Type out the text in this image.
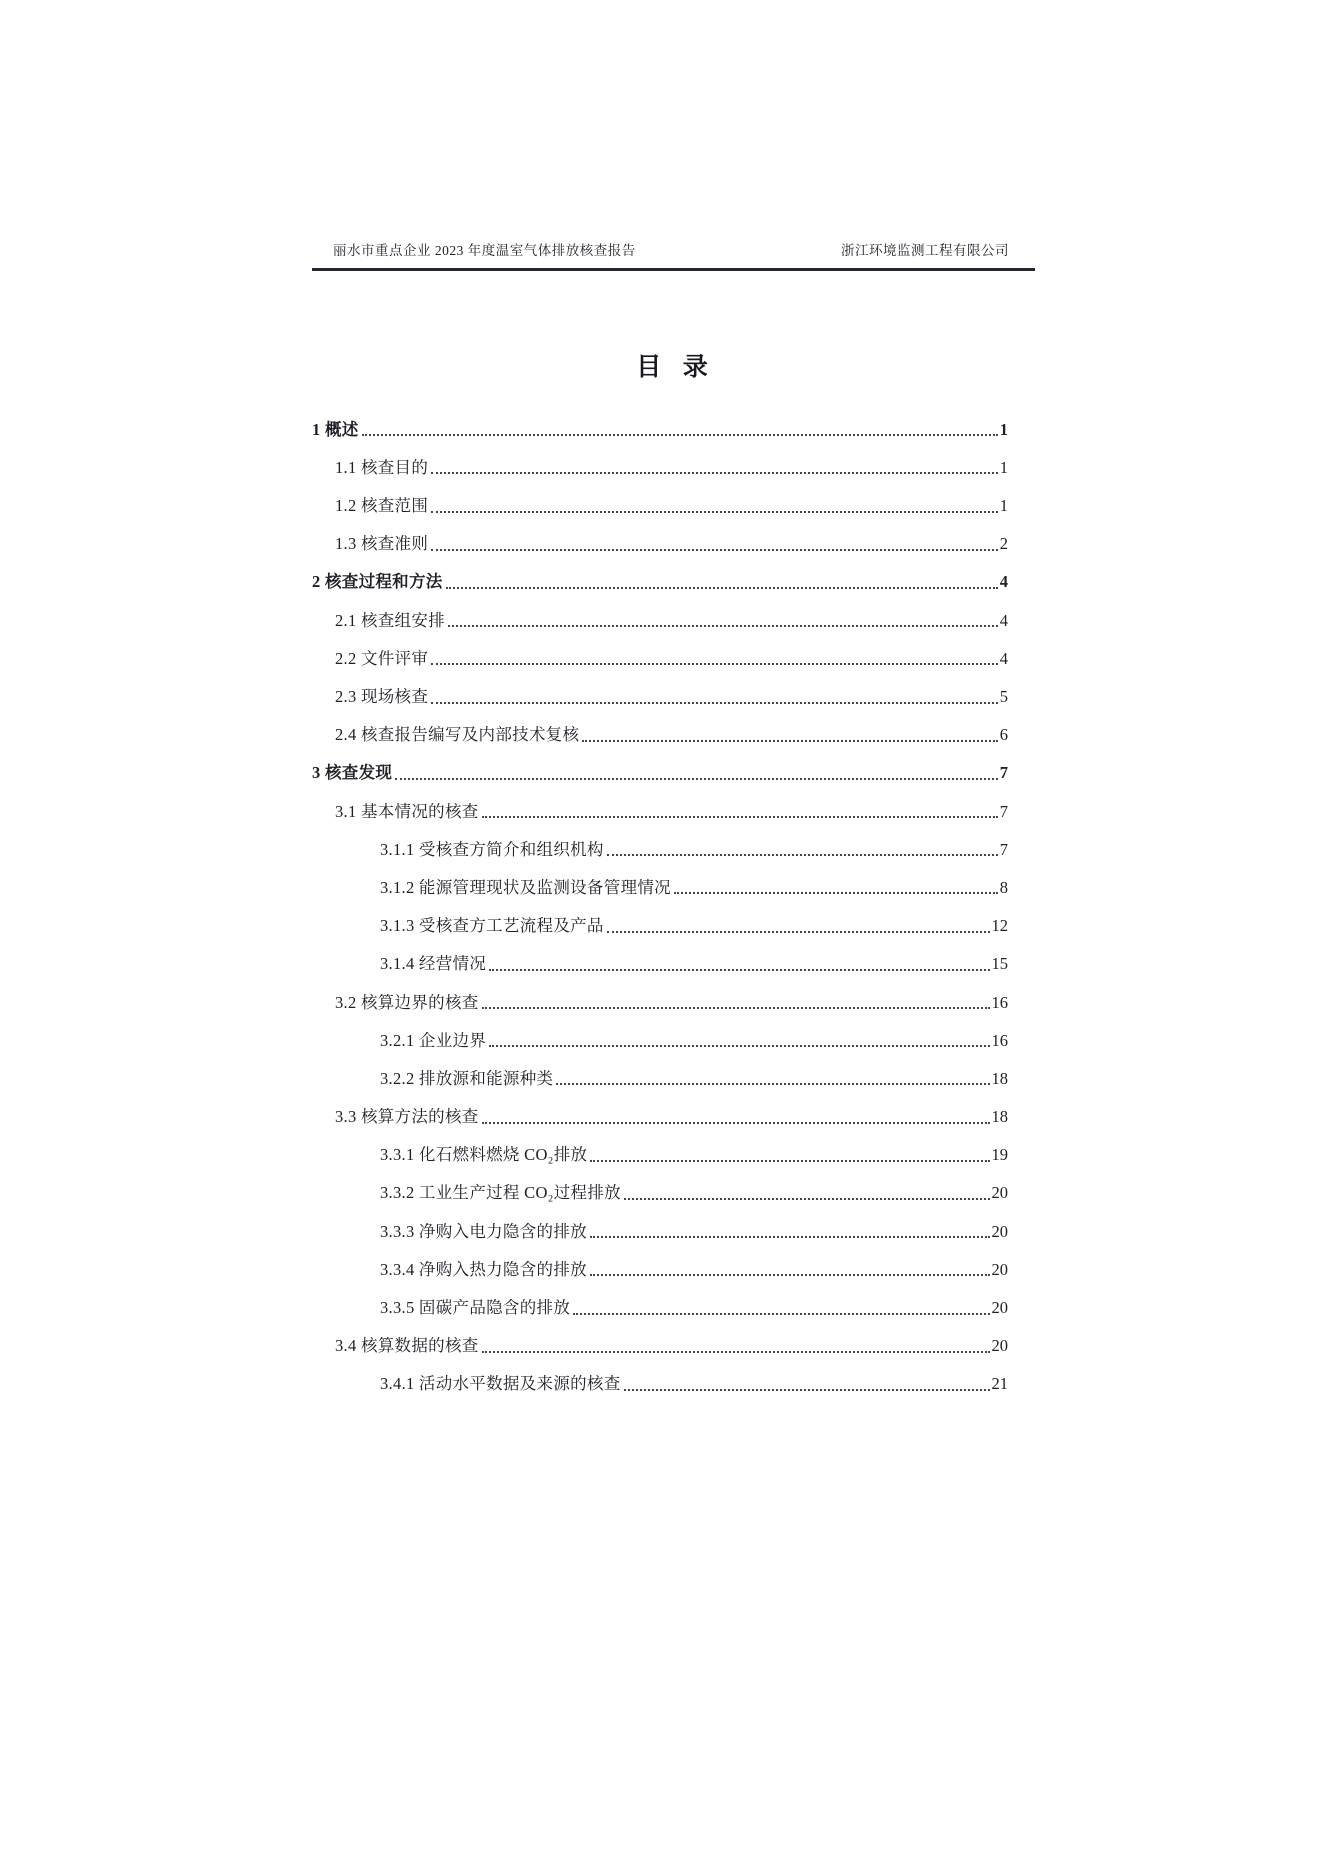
丽水市重点企业 2023 年度温室气体排放核查报告	浙江环境监测工程有限公司
目  录
1 概述	1
1.1 核查目的	1
1.2 核查范围	1
1.3 核查准则	2
2 核查过程和方法	4
2.1 核查组安排	4
2.2 文件评审	4
2.3 现场核查	5
2.4 核查报告编写及内部技术复核	6
3 核查发现	7
3.1 基本情况的核查	7
3.1.1 受核查方简介和组织机构	7
3.1.2 能源管理现状及监测设备管理情况	8
3.1.3 受核查方工艺流程及产品	12
3.1.4 经营情况	15
3.2 核算边界的核查	16
3.2.1 企业边界	16
3.2.2 排放源和能源种类	18
3.3 核算方法的核查	18
3.3.1 化石燃料燃烧 CO₂排放	19
3.3.2 工业生产过程 CO₂过程排放	20
3.3.3 净购入电力隐含的排放	20
3.3.4 净购入热力隐含的排放	20
3.3.5 固碳产品隐含的排放	20
3.4 核算数据的核查	20
3.4.1 活动水平数据及来源的核查	21
